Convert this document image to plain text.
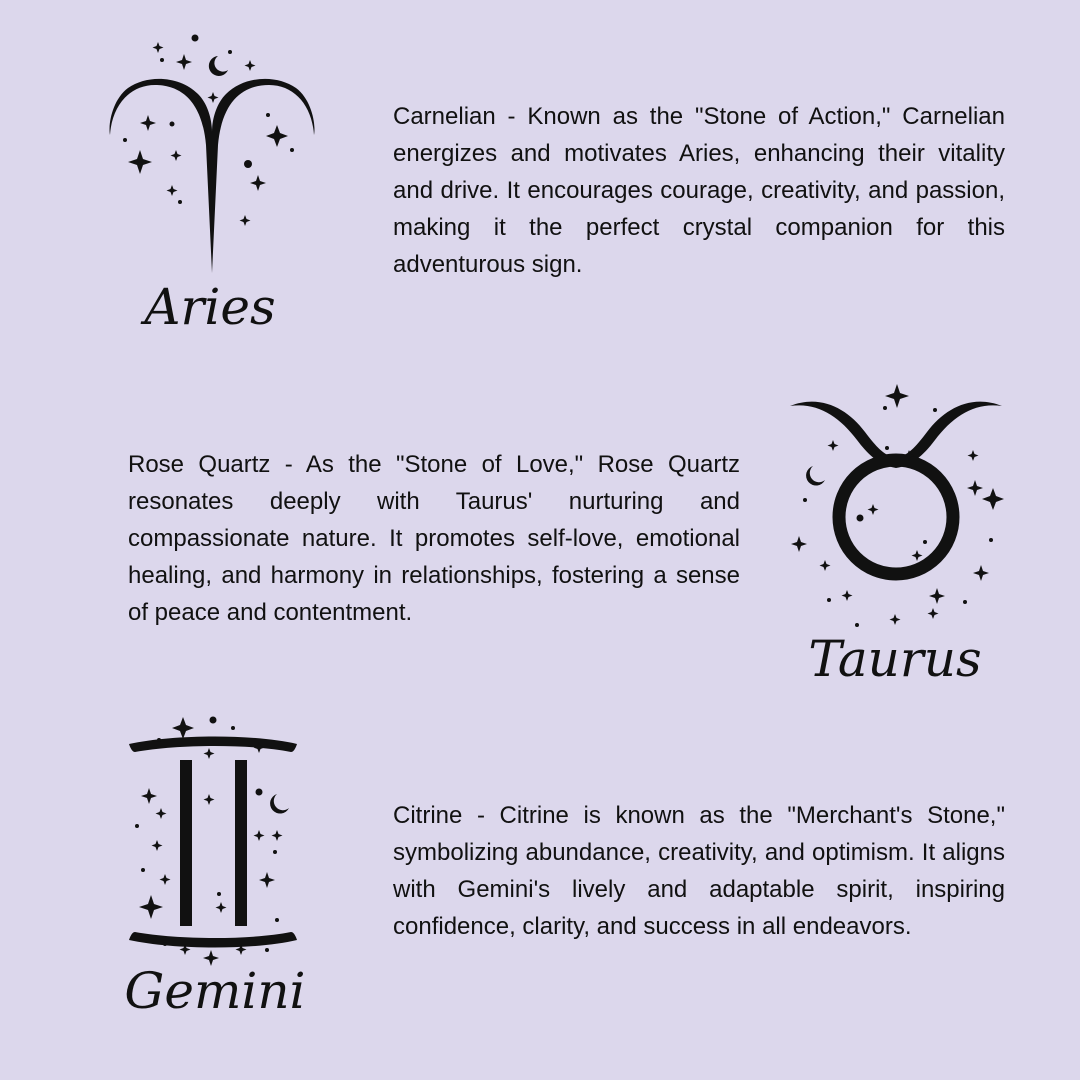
Aries

Carnelian - Known as the "Stone of Action," Carnelian energizes and motivates Aries, enhancing their vitality and drive. It encourages courage, creativity, and passion, making it the perfect crystal companion for this adventurous sign.

Rose Quartz - As the "Stone of Love," Rose Quartz resonates deeply with Taurus' nurturing and compassionate nature. It promotes self-love, emotional healing, and harmony in relationships, fostering a sense of peace and contentment.

Taurus
Gemini

Citrine - Citrine is known as the "Merchant's Stone," symbolizing abundance, creativity, and optimism. It aligns with Gemini's lively and adaptable spirit, inspiring confidence, clarity, and success in all endeavors.
